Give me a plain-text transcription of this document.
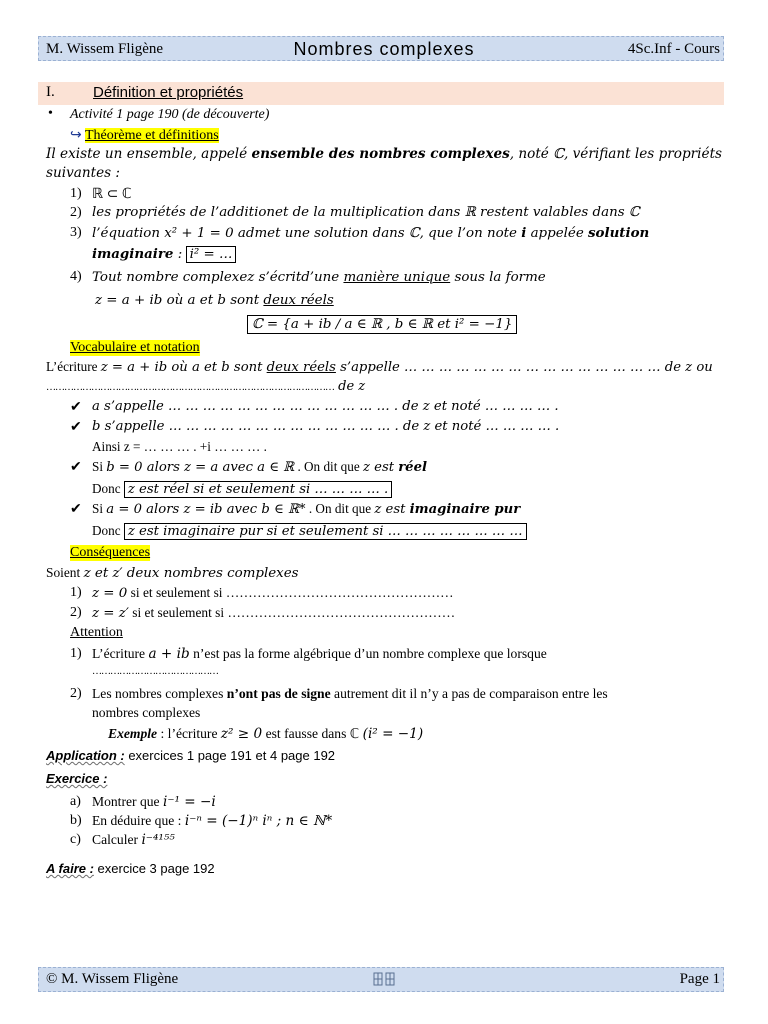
M. Wissem Fligène	Nombres complexes	4Sc.Inf - Cours
I.	Définition et propriétés
• Activité 1 page 190 (de découverte)
↪ Théorème et définitions
Il existe un ensemble, appelé ensemble des nombres complexes, noté ℂ, vérifiant les propriéts
suivantes :
1) ℝ ⊂ ℂ
2) les propriétés de l’additionet de la multiplication dans ℝ restent valables dans ℂ
3) l’équation x² + 1 = 0 admet une solution dans ℂ, que l’on note i appelée solution
imaginaire : i² = …
4) Tout nombre complexez s’écritd’une manière unique sous la forme
z = a + ib où a et b sont deux réels
ℂ = {a + ib / a ∈ ℝ , b ∈ ℝ et i² = −1}
Vocabulaire et notation
L’écriture z = a + ib où a et b sont deux réels s’appelle … … … … … … … … … … … … … … … de z ou
…………………………………………………………………………………… de z
✔ a s’appelle … … … … … … … … … … … … … . de z et noté … … … … .
✔ b s’appelle … … … … … … … … … … … … … . de z et noté … … … … .
Ainsi z = … … … . +i … … … .
✔ Si b = 0 alors z = a avec a ∈ ℝ . On dit que z est réel
Donc z est réel si et seulement si … … … … .
✔ Si a = 0 alors z = ib avec b ∈ ℝ* . On dit que z est imaginaire pur
Donc z est imaginaire pur si et seulement si … … … … … … … …
Conséquences
Soient z et z′ deux nombres complexes
1) z = 0 si et seulement si ……………………………………………
2) z = z′ si et seulement si ……………………………………………
Attention
1) L’écriture a + ib n’est pas la forme algébrique d’un nombre complexe que lorsque
……………………………………
2) Les nombres complexes n’ont pas de signe autrement dit il n’y a pas de comparaison entre les
nombres complexes
Exemple : l’écriture z² ≥ 0 est fausse dans ℂ (i² = −1)
Application : exercices 1 page 191 et 4 page 192
Exercice :
a) Montrer que i⁻¹ = −i
b) En déduire que : i⁻ⁿ = (−1)ⁿ iⁿ ; n ∈ ℕ*
c) Calculer i⁻⁴¹⁵⁵
A faire : exercice 3 page 192
© M. Wissem Fligène	Page 1
